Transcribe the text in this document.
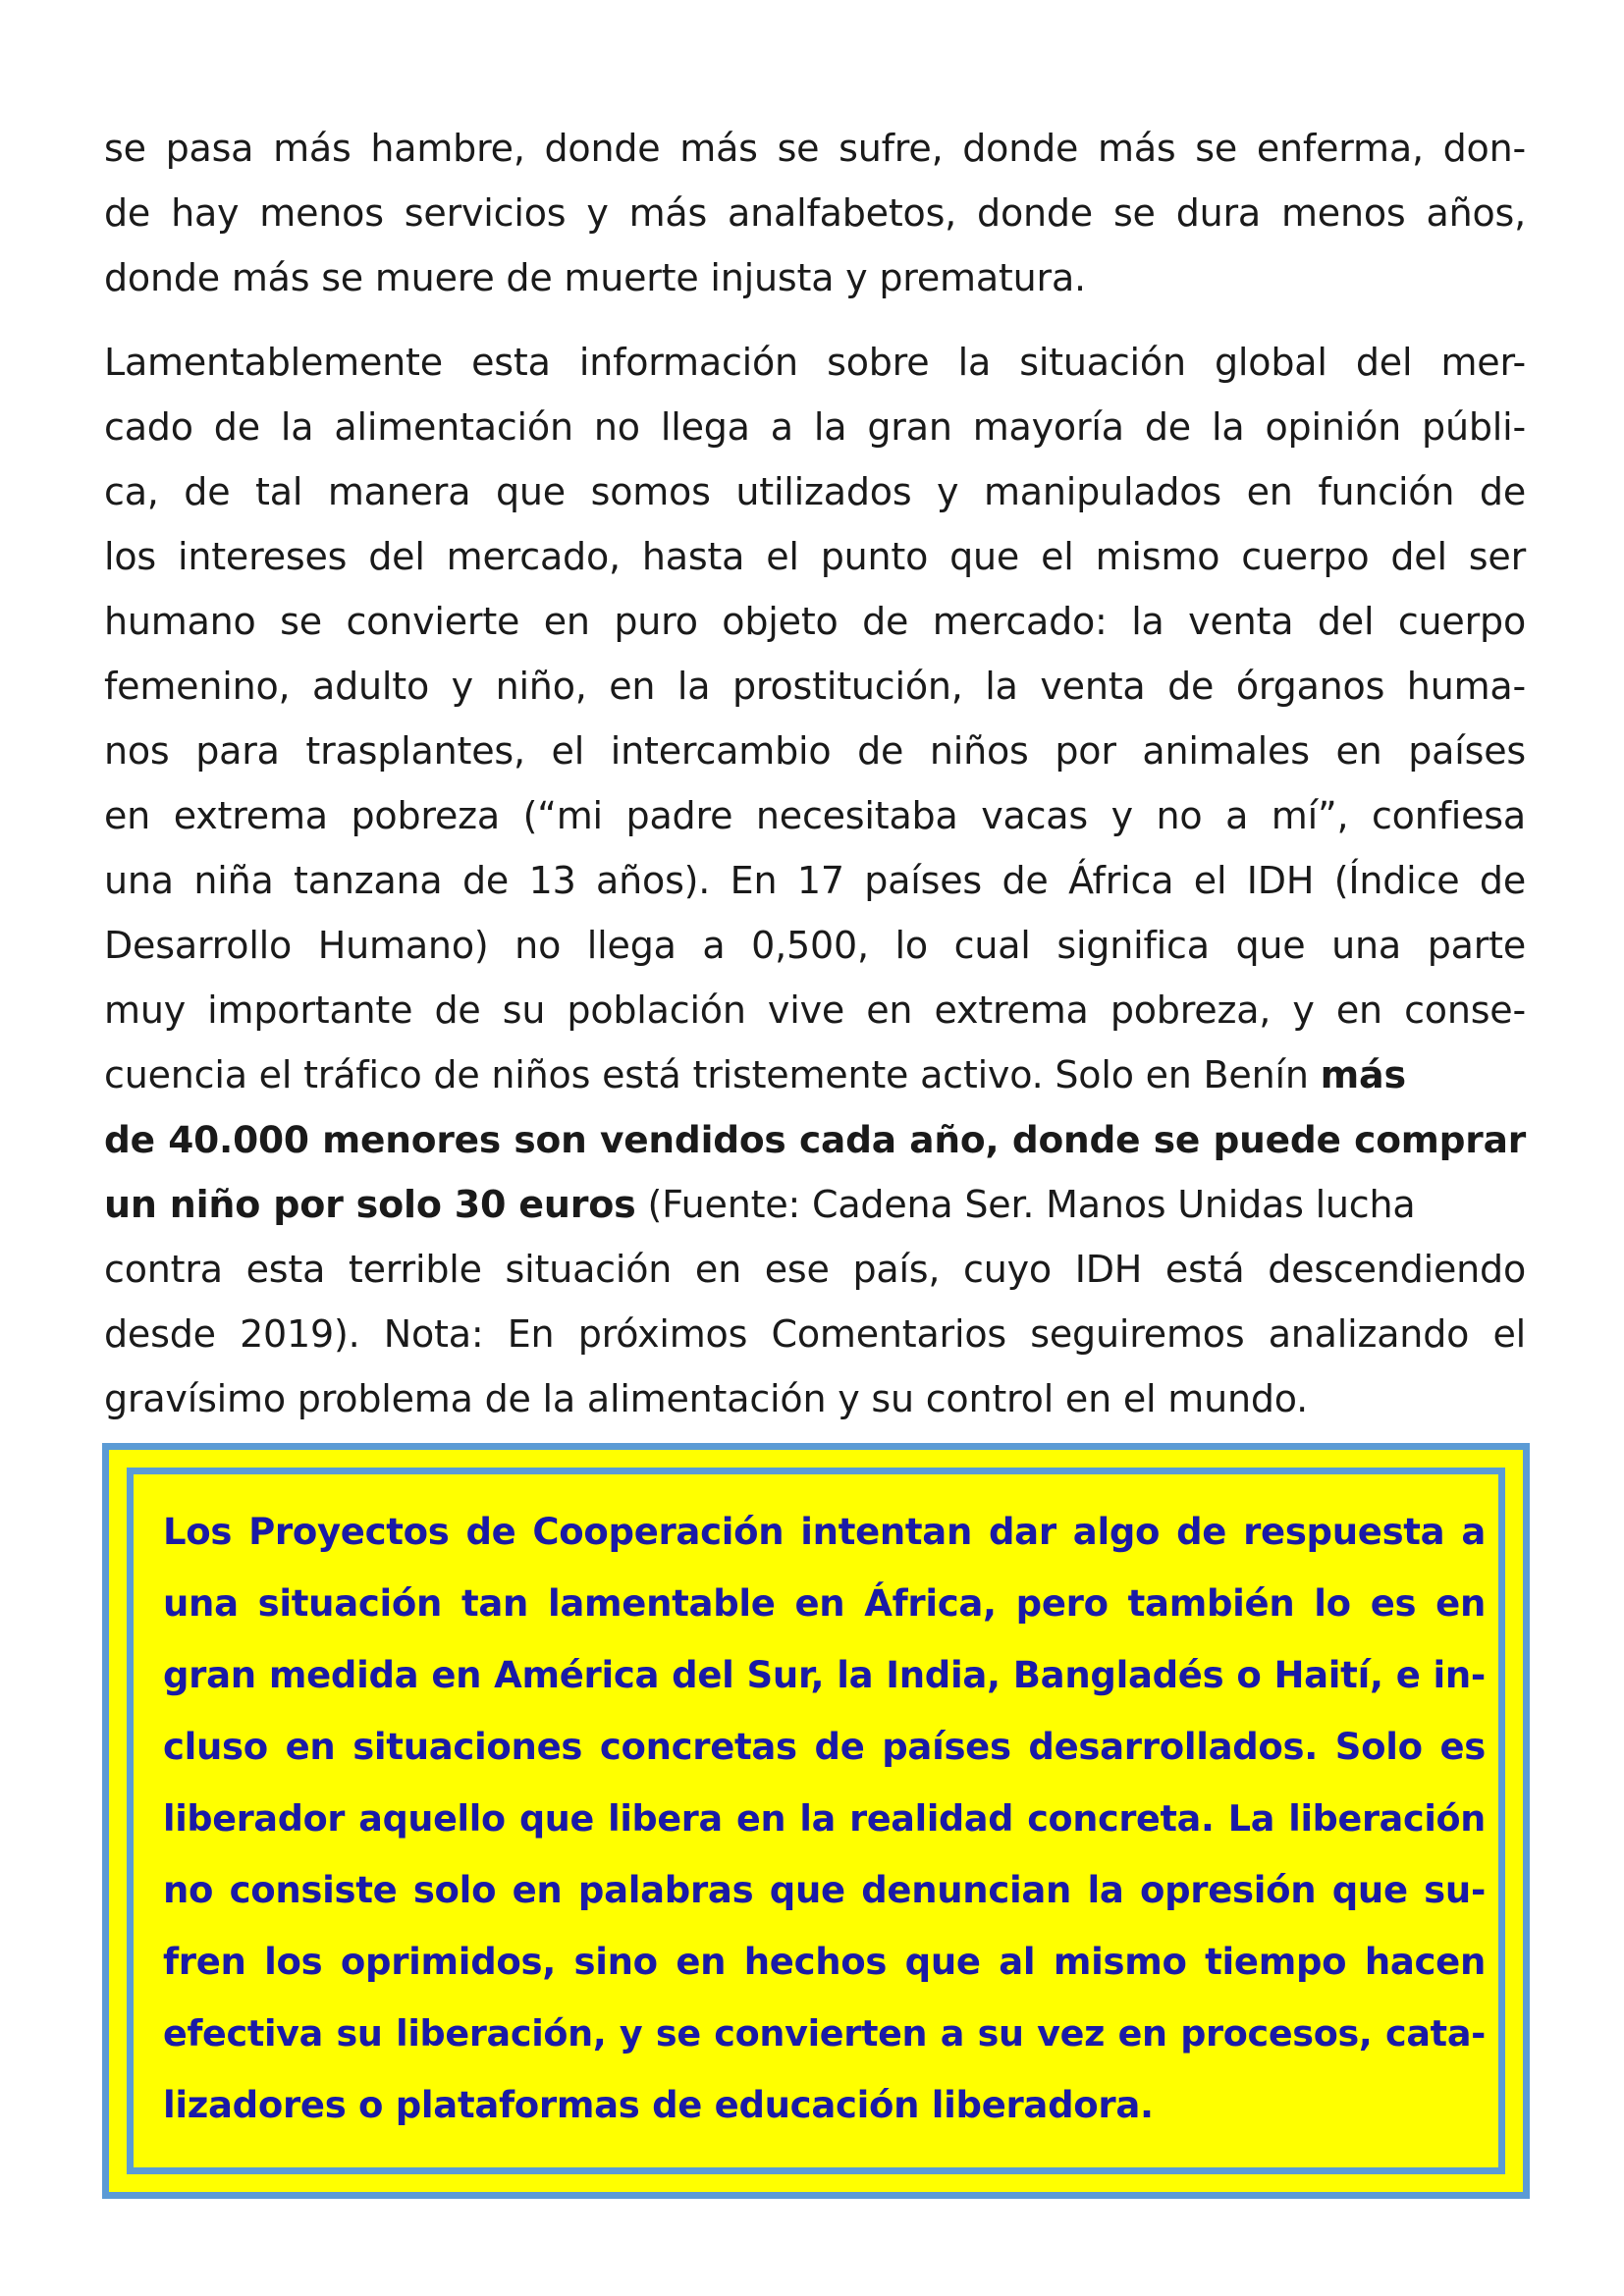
se pasa más hambre, donde más se sufre, donde más se enferma, don-
de hay menos servicios y más analfabetos, donde se dura menos años,
donde más se muere de muerte injusta y prematura.
Lamentablemente esta información sobre la situación global del mer-
cado de la alimentación no llega a la gran mayoría de la opinión públi-
ca, de tal manera que somos utilizados y manipulados en función de
los intereses del mercado, hasta el punto que el mismo cuerpo del ser
humano se convierte en puro objeto de mercado: la venta del cuerpo
femenino, adulto y niño, en la prostitución, la venta de órganos huma-
nos para trasplantes, el intercambio de niños por animales en países
en extrema pobreza (“mi padre necesitaba vacas y no a mí”, confiesa
una niña tanzana de 13 años). En 17 países de África el IDH (Índice de
Desarrollo Humano) no llega a 0,500, lo cual significa que una parte
muy importante de su población vive en extrema pobreza, y en conse-
cuencia el tráfico de niños está tristemente activo. Solo en Benín más
de 40.000 menores son vendidos cada año, donde se puede comprar
un niño por solo 30 euros (Fuente: Cadena Ser. Manos Unidas lucha
contra esta terrible situación en ese país, cuyo IDH está descendiendo
desde 2019). Nota: En próximos Comentarios seguiremos analizando el
gravísimo problema de la alimentación y su control en el mundo.
Los Proyectos de Cooperación intentan dar algo de respuesta a
una situación tan lamentable en África, pero también lo es en
gran medida en América del Sur, la India, Bangladés o Haití, e in-
cluso en situaciones concretas de países desarrollados. Solo es
liberador aquello que libera en la realidad concreta. La liberación
no consiste solo en palabras que denuncian la opresión que su-
fren los oprimidos, sino en hechos que al mismo tiempo hacen
efectiva su liberación, y se convierten a su vez en procesos, cata-
lizadores o plataformas de educación liberadora.
